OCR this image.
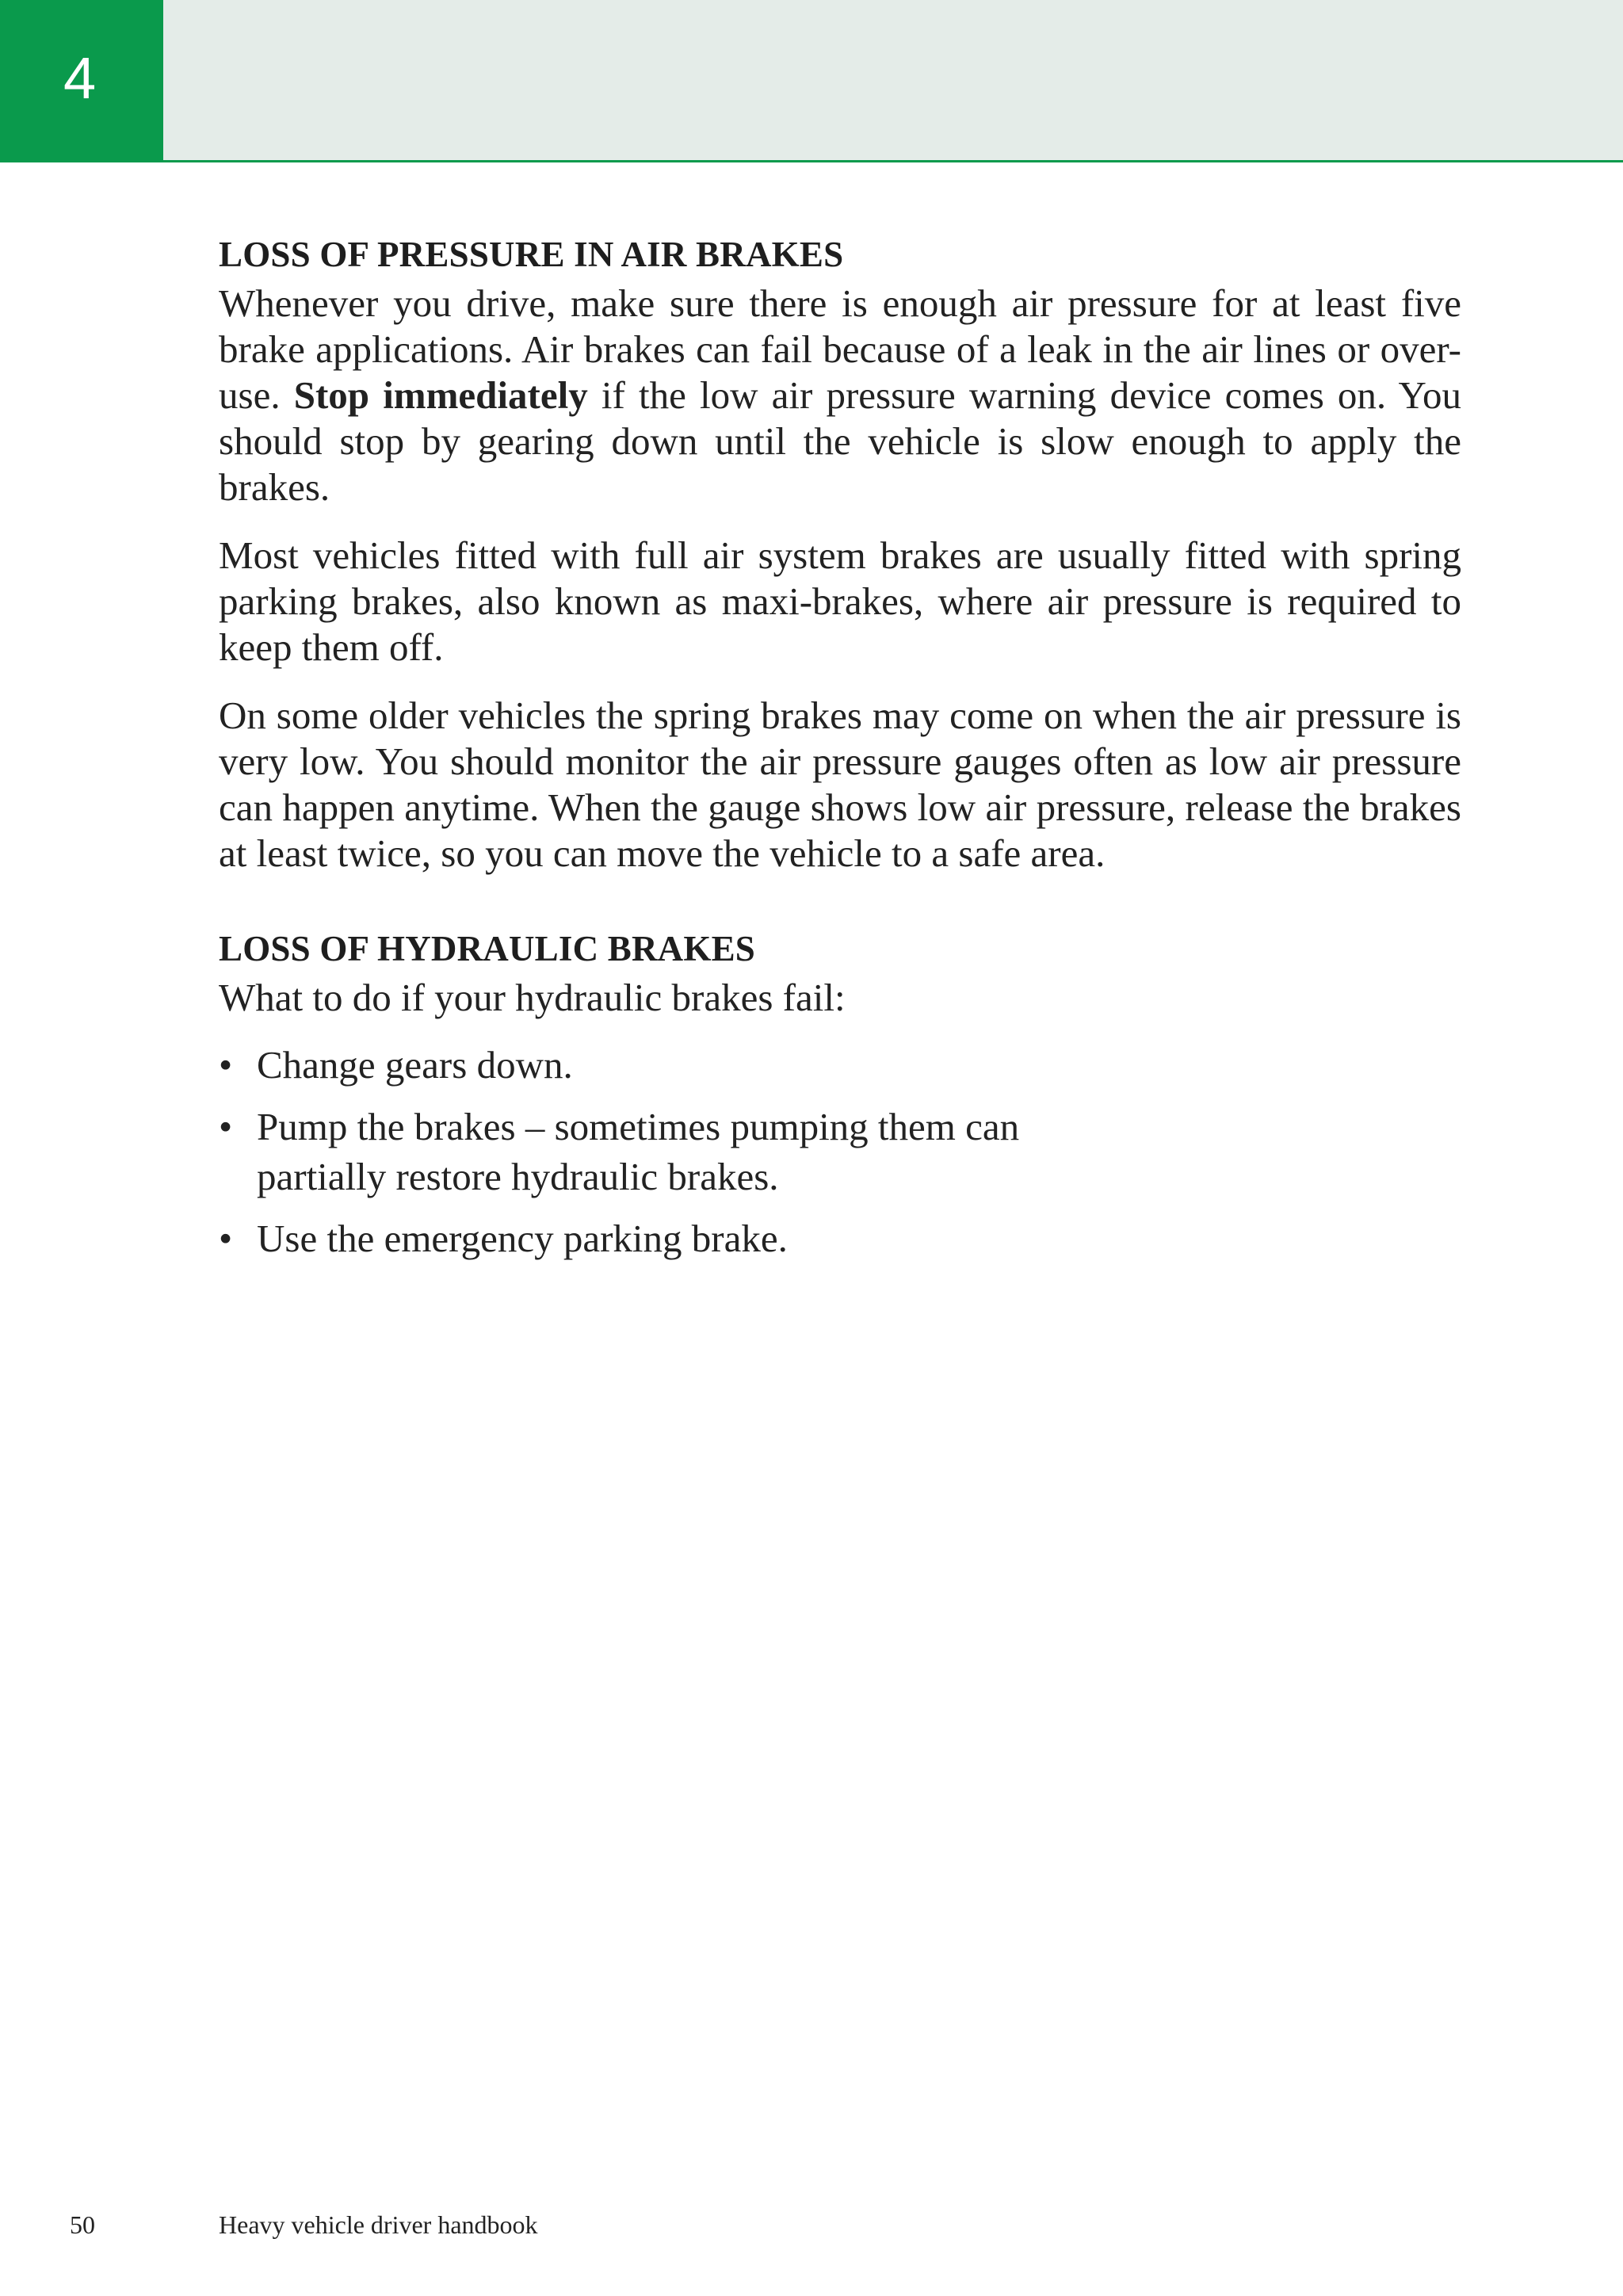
4
LOSS OF PRESSURE IN AIR BRAKES

Whenever you drive, make sure there is enough air pressure for at least five brake applications. Air brakes can fail because of a leak in the air lines or over-use. Stop immediately if the low air pressure warning device comes on. You should stop by gearing down until the vehicle is slow enough to apply the brakes.

Most vehicles fitted with full air system brakes are usually fitted with spring parking brakes, also known as maxi-brakes, where air pressure is required to keep them off.

On some older vehicles the spring brakes may come on when the air pressure is very low. You should monitor the air pressure gauges often as low air pressure can happen anytime. When the gauge shows low air pressure, release the brakes at least twice, so you can move the vehicle to a safe area.

LOSS OF HYDRAULIC BRAKES

What to do if your hydraulic brakes fail:

• Change gears down.
• Pump the brakes – sometimes pumping them can partially restore hydraulic brakes.
• Use the emergency parking brake.
50	Heavy vehicle driver handbook
